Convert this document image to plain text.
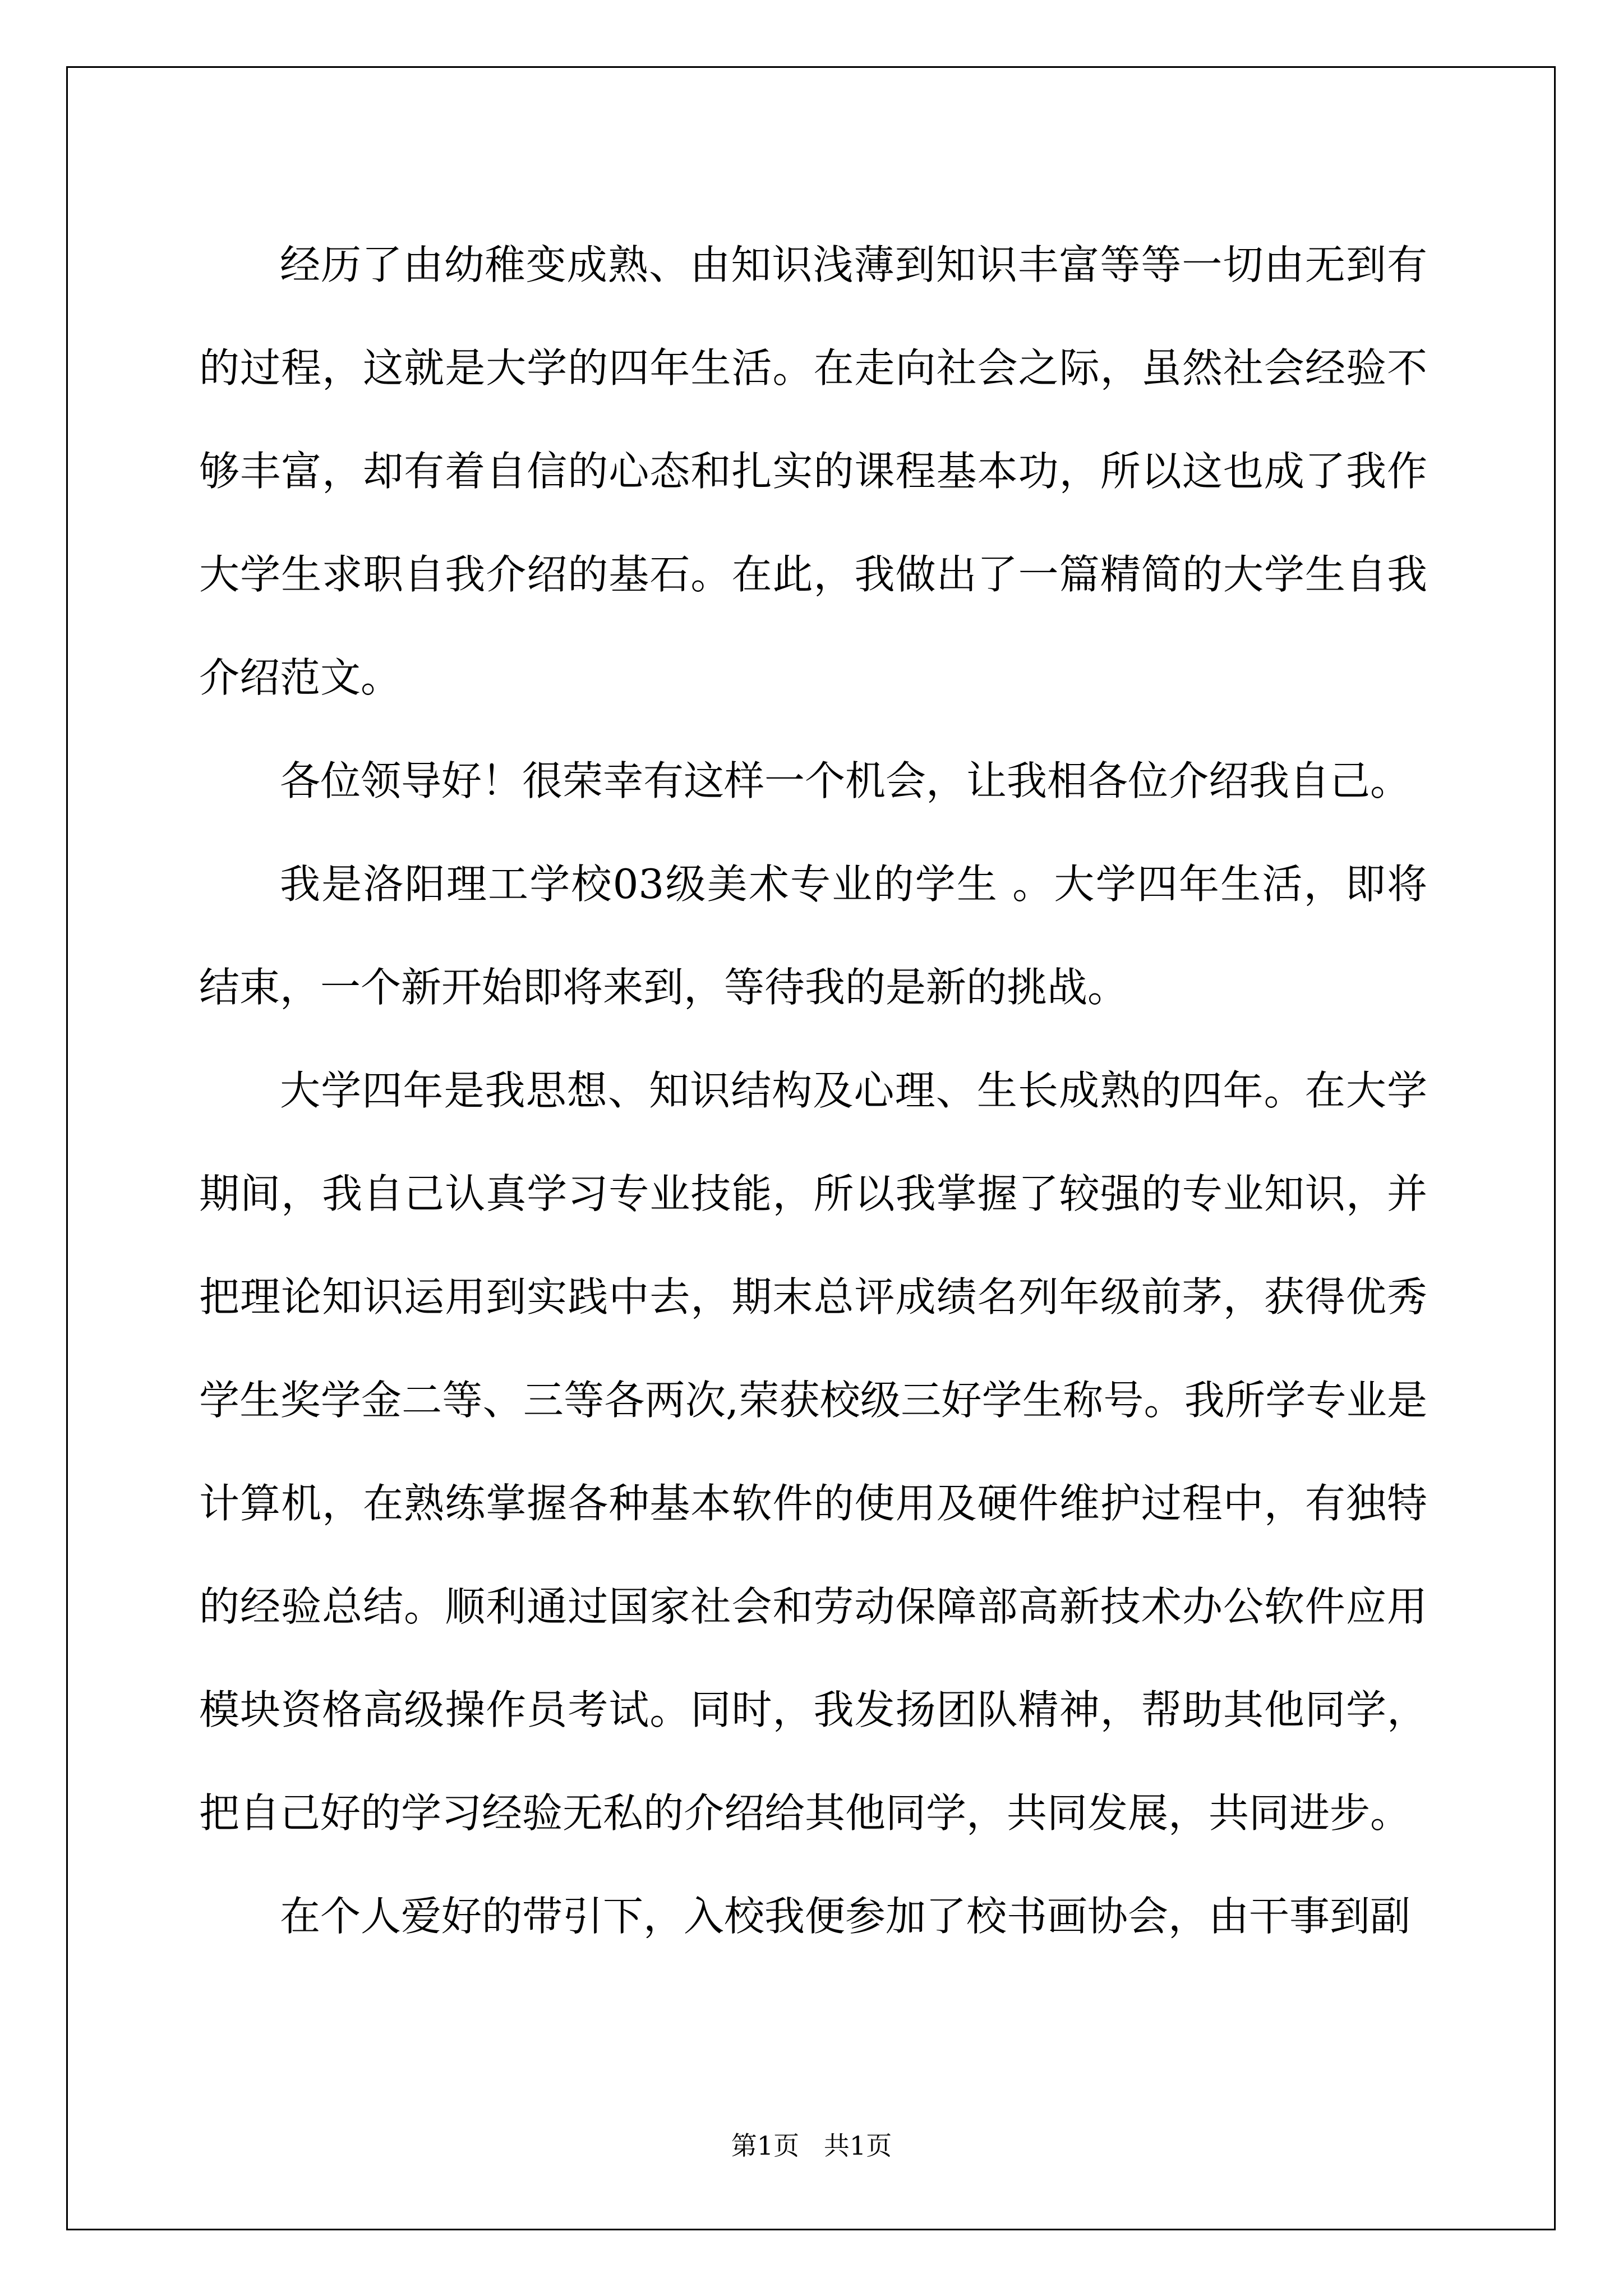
经历了由幼稚变成熟、由知识浅薄到知识丰富等等一切由无到有的过程，这就是大学的四年生活。在走向社会之际，虽然社会经验不够丰富，却有着自信的心态和扎实的课程基本功，所以这也成了我作大学生求职自我介绍的基石。在此，我做出了一篇精简的大学生自我介绍范文。

各位领导好！很荣幸有这样一个机会，让我相各位介绍我自己。

我是洛阳理工学校03级美术专业的学生 。大学四年生活，即将结束，一个新开始即将来到，等待我的是新的挑战。

大学四年是我思想、知识结构及心理、生长成熟的四年。在大学期间，我自己认真学习专业技能，所以我掌握了较强的专业知识，并把理论知识运用到实践中去，期末总评成绩名列年级前茅，获得优秀学生奖学金二等、三等各两次,荣获校级三好学生称号。我所学专业是计算机，在熟练掌握各种基本软件的使用及硬件维护过程中，有独特的经验总结。顺利通过国家社会和劳动保障部高新技术办公软件应用模块资格高级操作员考试。同时，我发扬团队精神，帮助其他同学，把自己好的学习经验无私的介绍给其他同学，共同发展，共同进步。

在个人爱好的带引下，入校我便参加了校书画协会，由干事到副

第1页   共1页
